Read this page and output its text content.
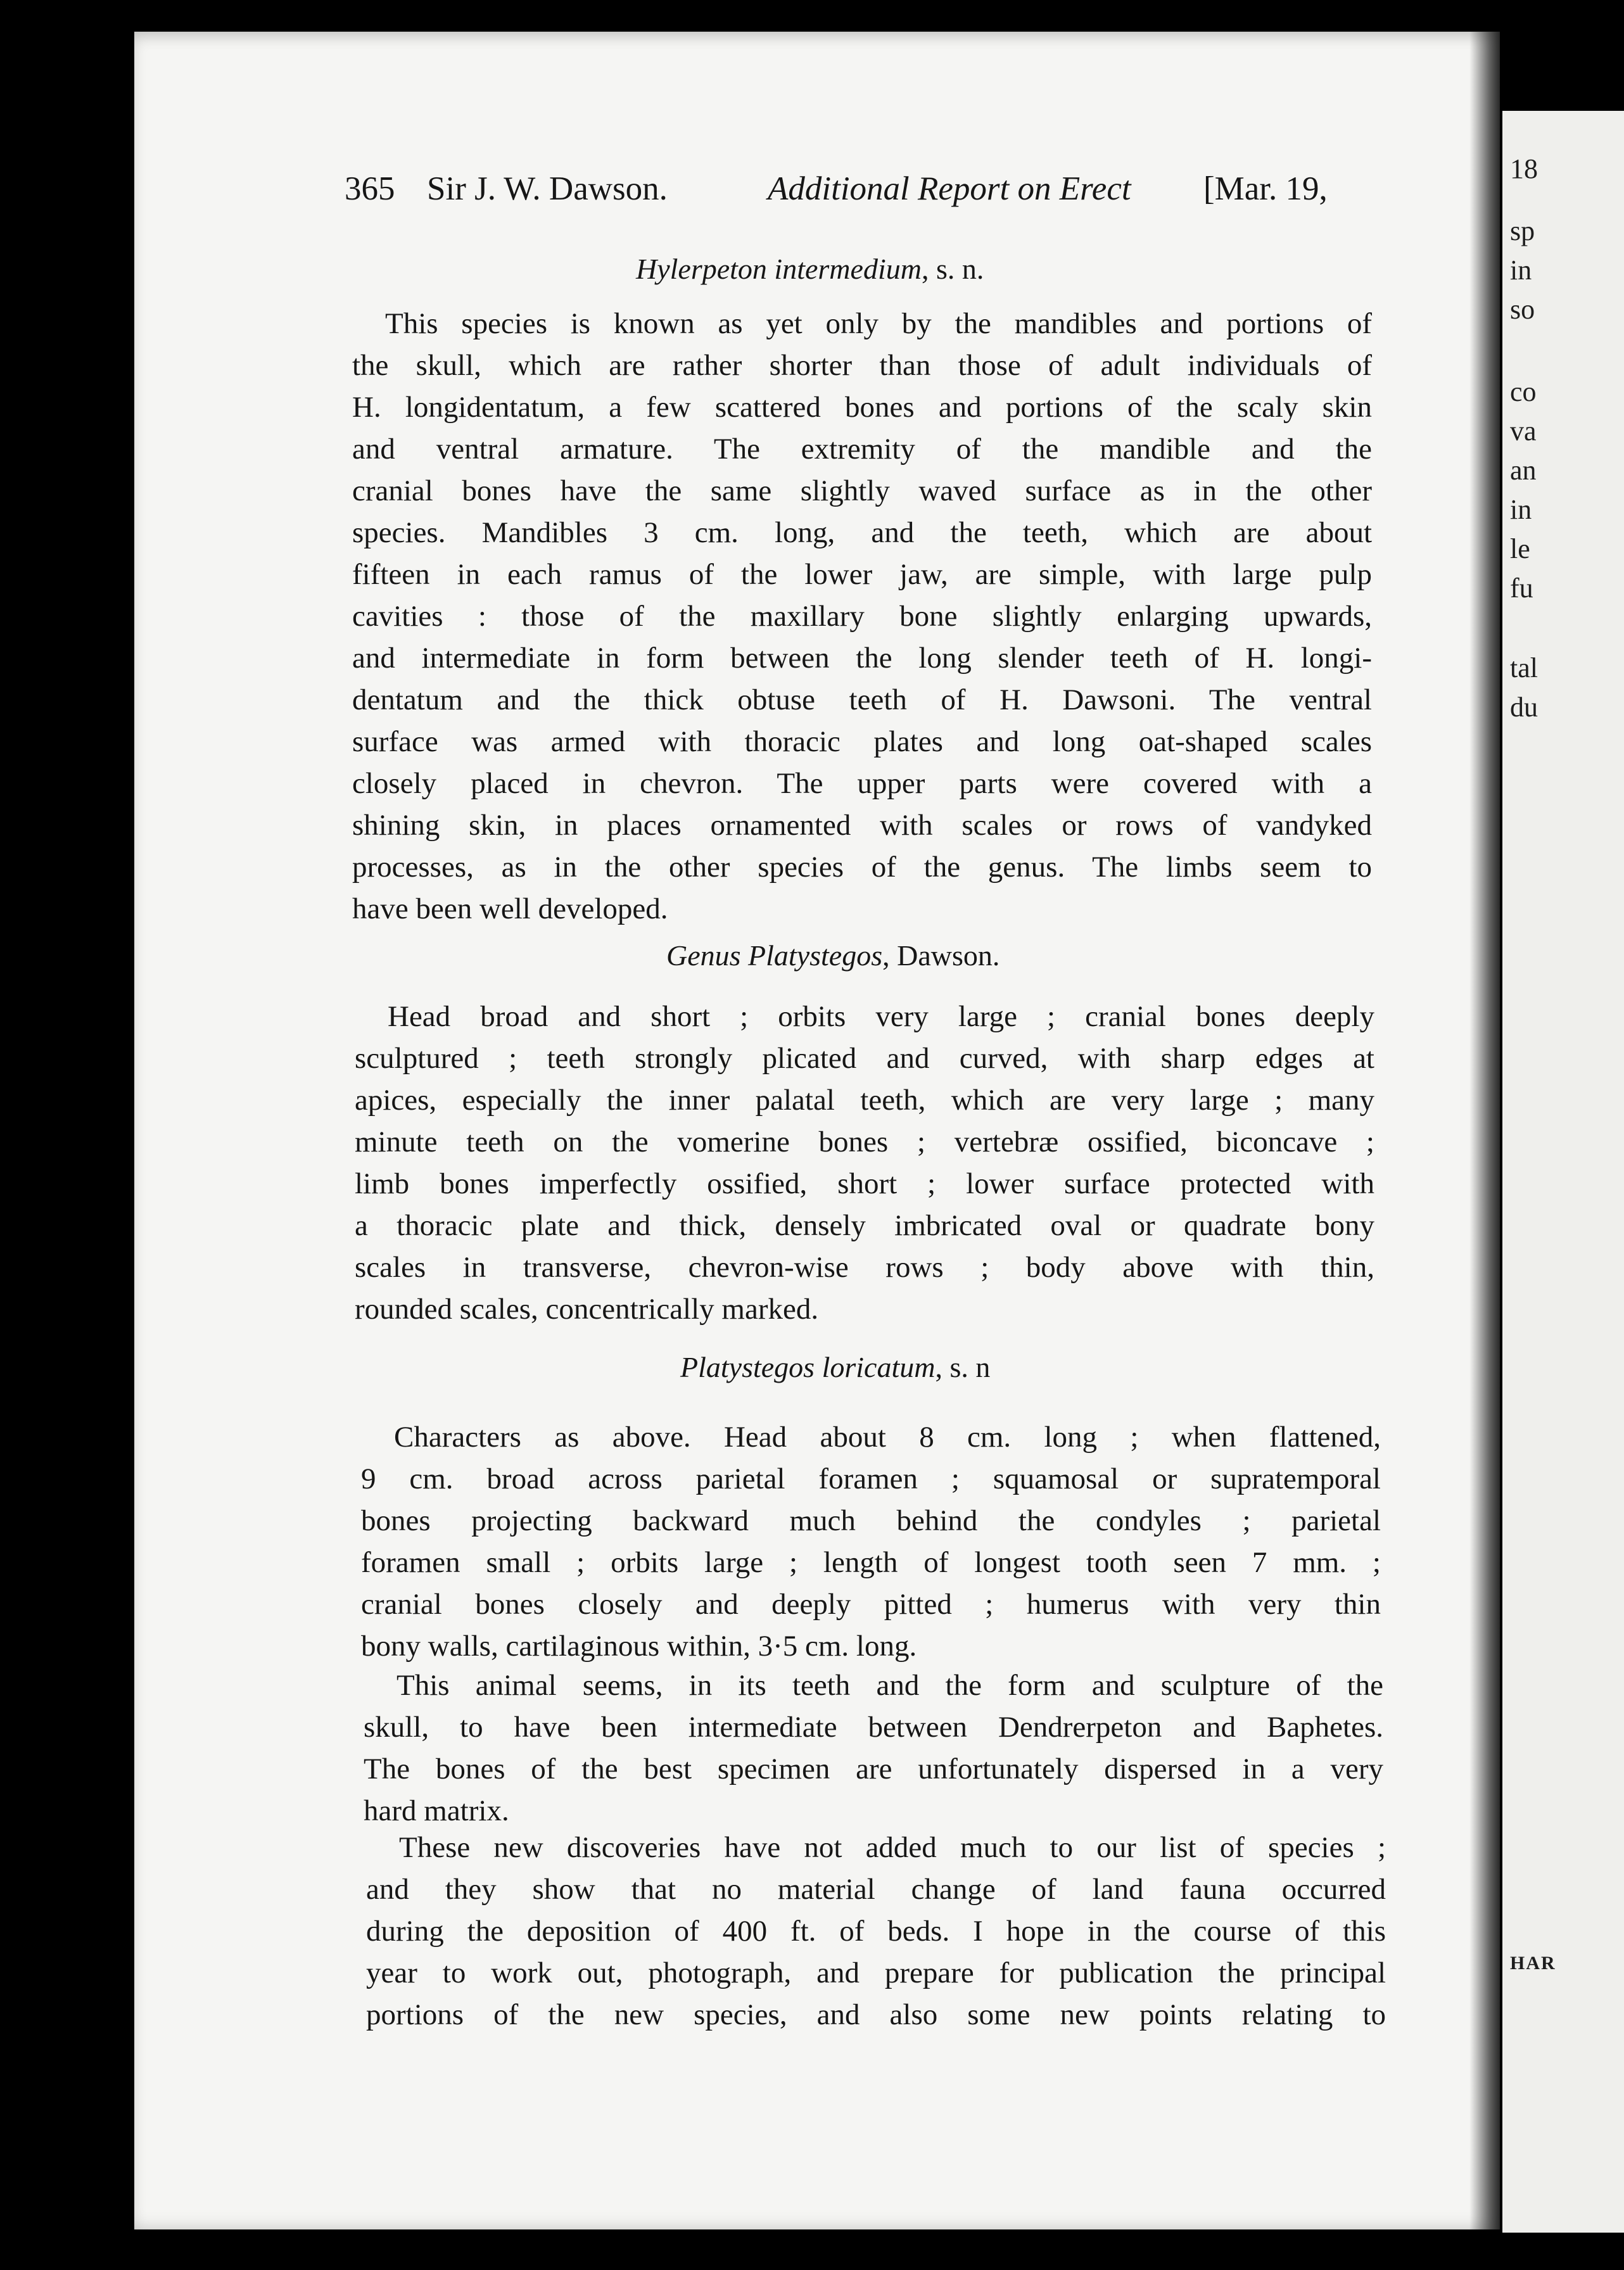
18
sp
in
so
co
va
an
in
le
fu
tal
du
HAR
365 Sir J. W. Dawson.	Additional Report on Erect [Mar. 19,
Hylerpeton intermedium, s. n.
This species is known as yet only by the mandibles and portions of
the skull, which are rather shorter than those of adult individuals of
H. longidentatum, a few scattered bones and portions of the scaly skin
and ventral armature. The extremity of the mandible and the
cranial bones have the same slightly waved surface as in the other
species. Mandibles 3 cm. long, and the teeth, which are about
fifteen in each ramus of the lower jaw, are simple, with large pulp
cavities : those of the maxillary bone slightly enlarging upwards,
and intermediate in form between the long slender teeth of H. longi-
dentatum and the thick obtuse teeth of H. Dawsoni. The ventral
surface was armed with thoracic plates and long oat-shaped scales
closely placed in chevron. The upper parts were covered with a
shining skin, in places ornamented with scales or rows of vandyked
processes, as in the other species of the genus. The limbs seem to
have been well developed.
Genus Platystegos, Dawson.
Head broad and short ; orbits very large ; cranial bones deeply
sculptured ; teeth strongly plicated and curved, with sharp edges at
apices, especially the inner palatal teeth, which are very large ; many
minute teeth on the vomerine bones ; vertebræ ossified, biconcave ;
limb bones imperfectly ossified, short ; lower surface protected with
a thoracic plate and thick, densely imbricated oval or quadrate bony
scales in transverse, chevron-wise rows ; body above with thin,
rounded scales, concentrically marked.
Platystegos loricatum, s. n
Characters as above. Head about 8 cm. long ; when flattened,
9 cm. broad across parietal foramen ; squamosal or supratemporal
bones projecting backward much behind the condyles ; parietal
foramen small ; orbits large ; length of longest tooth seen 7 mm. ;
cranial bones closely and deeply pitted ; humerus with very thin
bony walls, cartilaginous within, 3·5 cm. long.
This animal seems, in its teeth and the form and sculpture of the
skull, to have been intermediate between Dendrerpeton and Baphetes.
The bones of the best specimen are unfortunately dispersed in a very
hard matrix.
These new discoveries have not added much to our list of species ;
and they show that no material change of land fauna occurred
during the deposition of 400 ft. of beds. I hope in the course of this
year to work out, photograph, and prepare for publication the principal
portions of the new species, and also some new points relating to
